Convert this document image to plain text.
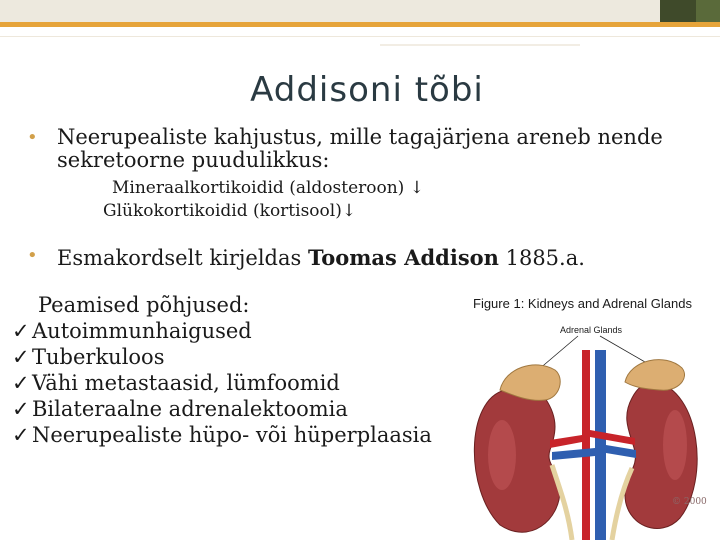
Addisoni tõbi
• Neerupealiste kahjustus, mille tagajärjena areneb nende sekretoorne puudulikkus:
Mineraalkortikoidid (aldosteroon) ↓
Glükokortikoidid (kortisool)↓
• Esmakordselt kirjeldas Toomas Addison 1885.a.
Peamised põhjused:
✓ Autoimmunhaigused
✓ Tuberkuloos
✓ Vähi metastaasid, lümfoomid
✓ Bilateraalne adrenalektoomia
✓ Neerupealiste hüpo- või hüperplaasia
Figure 1: Kidneys and Adrenal Glands
Adrenal Glands
© 2000
